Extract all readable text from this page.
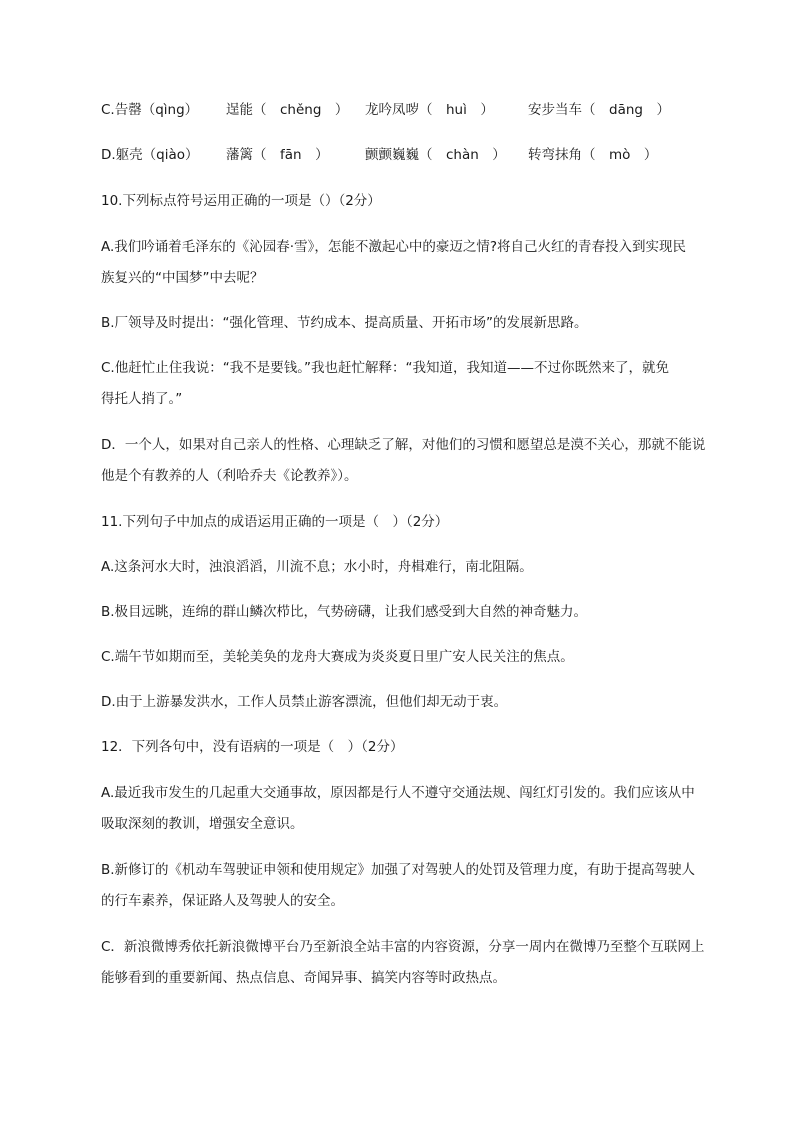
C.告罄（qìng） 逞能（　chěng　） 龙吟凤哕（　huì　）	安步当车（　dāng　）
D.躯壳（qiào） 藩篱（　fān　）	颤颤巍巍（　chàn　） 转弯抹角（　mò　）
10.下列标点符号运用正确的一项是（）（2分）
A.我们吟诵着毛泽东的《沁园春·雪》，怎能不激起心中的豪迈之情?将自己火红的青春投入到实现民
族复兴的“中国梦”中去呢？
B.厂领导及时提出：“强化管理、节约成本、提高质量、开拓市场”的发展新思路。
C.他赶忙止住我说：“我不是要钱。”我也赶忙解释：“我知道，我知道——不过你既然来了，就免
得托人捎了。”
D．一个人，如果对自己亲人的性格、心理缺乏了解，对他们的习惯和愿望总是漠不关心，那就不能说
他是个有教养的人（利哈乔夫《论教养》）。
11.下列句子中加点的成语运用正确的一项是（　）（2分）
A.这条河水大时，浊浪滔滔，川流不息；水小时，舟楫难行，南北阻隔。
B.极目远眺，连绵的群山鳞次栉比，气势磅礴，让我们感受到大自然的神奇魅力。
C.端午节如期而至，美轮美奂的龙舟大赛成为炎炎夏日里广安人民关注的焦点。
D.由于上游暴发洪水，工作人员禁止游客漂流，但他们却无动于衷。
12．下列各句中，没有语病的一项是（　）（2分）
A.最近我市发生的几起重大交通事故，原因都是行人不遵守交通法规、闯红灯引发的。我们应该从中
吸取深刻的教训，增强安全意识。
B.新修订的《机动车驾驶证申领和使用规定》加强了对驾驶人的处罚及管理力度，有助于提高驾驶人
的行车素养，保证路人及驾驶人的安全。
C．新浪微博秀依托新浪微博平台乃至新浪全站丰富的内容资源，分享一周内在微博乃至整个互联网上
能够看到的重要新闻、热点信息、奇闻异事、搞笑内容等时政热点。
